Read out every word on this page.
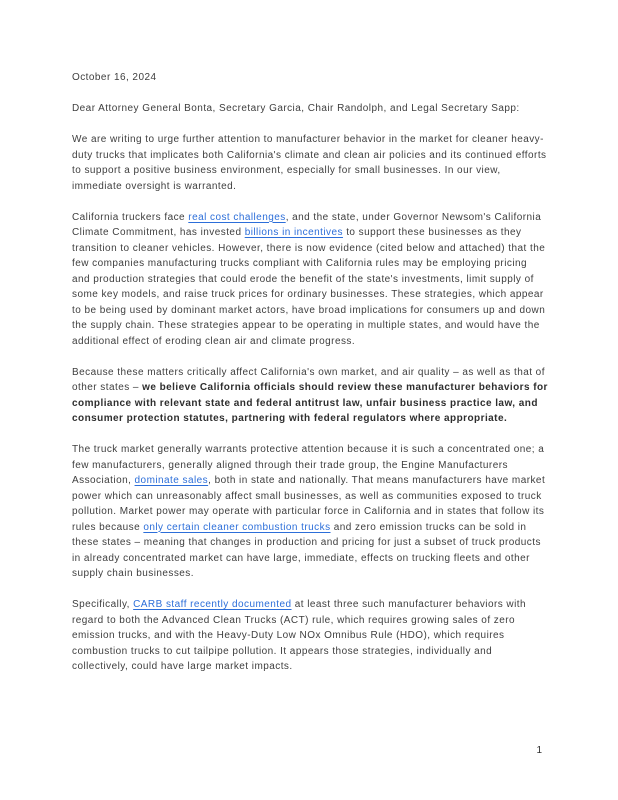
October 16, 2024
Dear Attorney General Bonta, Secretary Garcia, Chair Randolph, and Legal Secretary Sapp:

We are writing to urge further attention to manufacturer behavior in the market for cleaner heavy-duty trucks that implicates both California's climate and clean air policies and its continued efforts to support a positive business environment, especially for small businesses. In our view, immediate oversight is warranted.

California truckers face real cost challenges, and the state, under Governor Newsom's California Climate Commitment, has invested billions in incentives to support these businesses as they transition to cleaner vehicles. However, there is now evidence (cited below and attached) that the few companies manufacturing trucks compliant with California rules may be employing pricing and production strategies that could erode the benefit of the state's investments, limit supply of some key models, and raise truck prices for ordinary businesses. These strategies, which appear to be being used by dominant market actors, have broad implications for consumers up and down the supply chain. These strategies appear to be operating in multiple states, and would have the additional effect of eroding clean air and climate progress.

Because these matters critically affect California's own market, and air quality – as well as that of other states – we believe California officials should review these manufacturer behaviors for compliance with relevant state and federal antitrust law, unfair business practice law, and consumer protection statutes, partnering with federal regulators where appropriate.

The truck market generally warrants protective attention because it is such a concentrated one; a few manufacturers, generally aligned through their trade group, the Engine Manufacturers Association, dominate sales, both in state and nationally. That means manufacturers have market power which can unreasonably affect small businesses, as well as communities exposed to truck pollution. Market power may operate with particular force in California and in states that follow its rules because only certain cleaner combustion trucks and zero emission trucks can be sold in these states – meaning that changes in production and pricing for just a subset of truck products in already concentrated market can have large, immediate, effects on trucking fleets and other supply chain businesses.

Specifically, CARB staff recently documented at least three such manufacturer behaviors with regard to both the Advanced Clean Trucks (ACT) rule, which requires growing sales of zero emission trucks, and with the Heavy-Duty Low NOx Omnibus Rule (HDO), which requires combustion trucks to cut tailpipe pollution. It appears those strategies, individually and collectively, could have large market impacts.

1
